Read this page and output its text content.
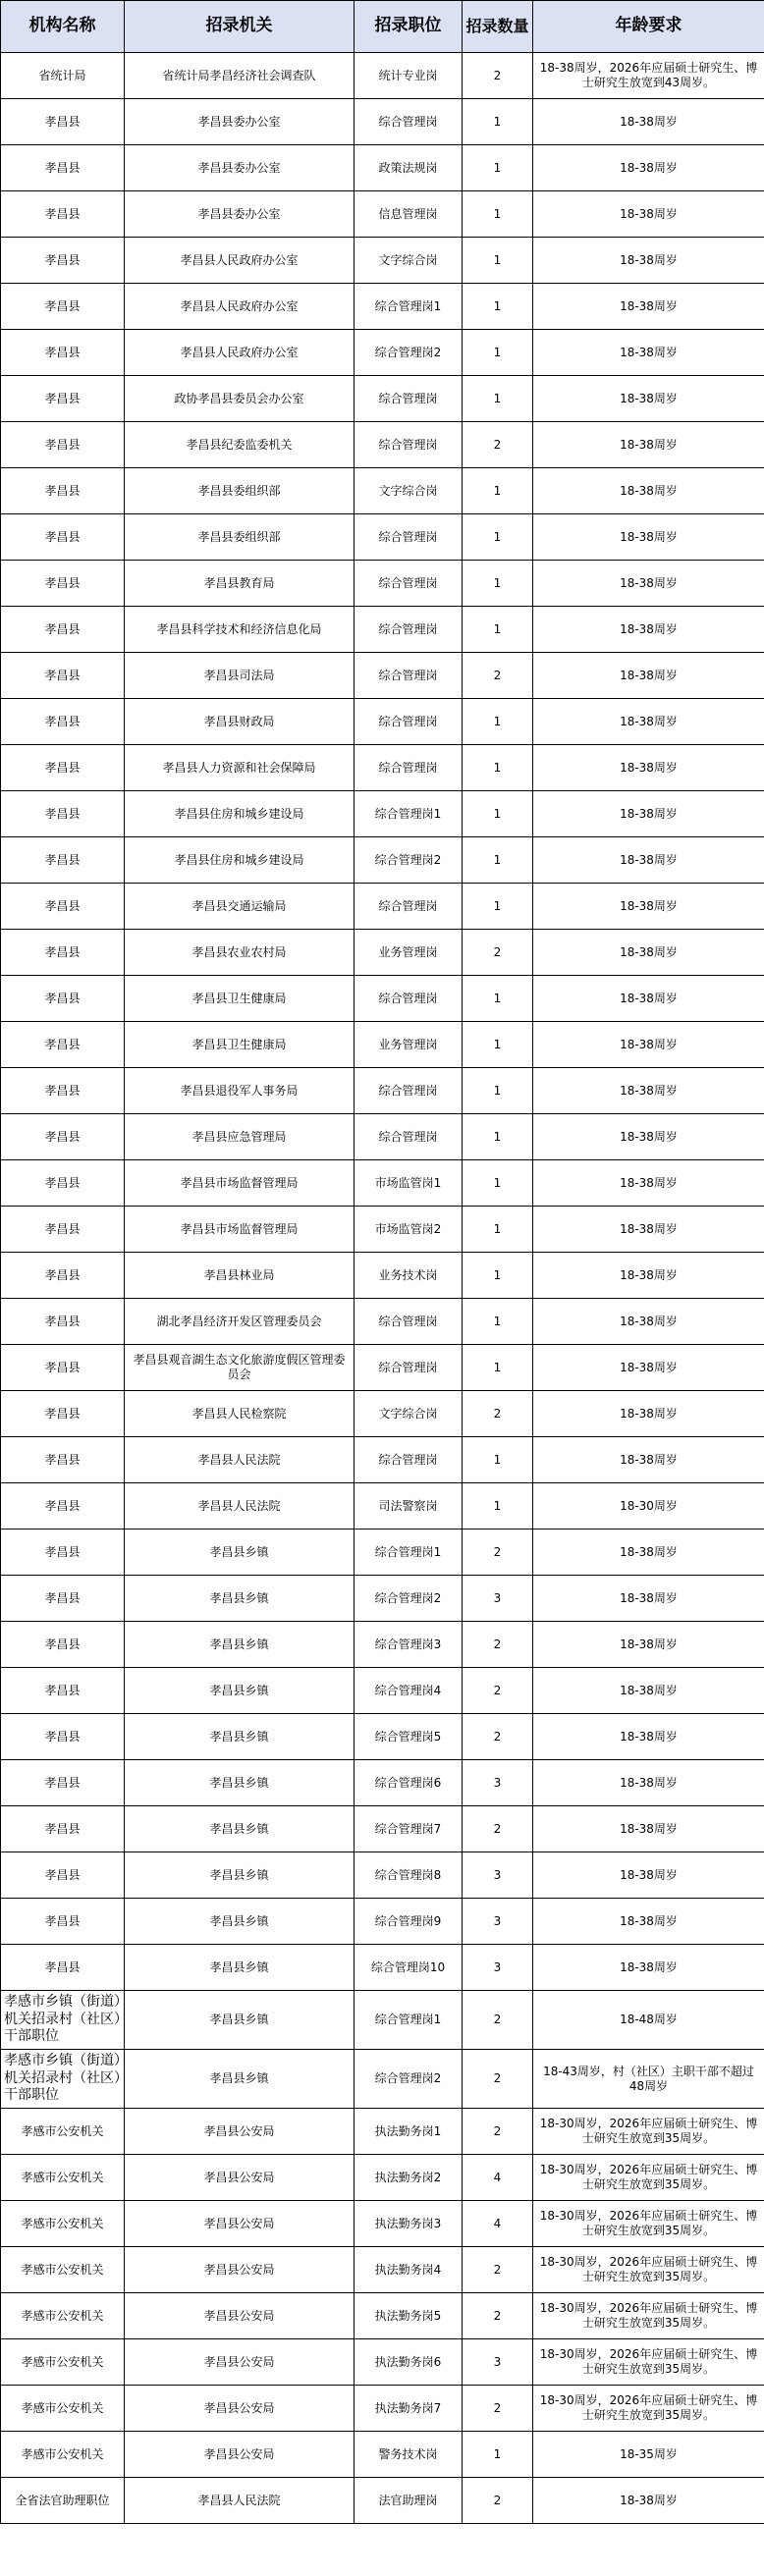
机构名称	招录机关	招录职位	招录数量	年龄要求
省统计局	省统计局孝昌经济社会调查队	统计专业岗	2	18-38周岁，2026年应届硕士研究生、博士研究生放宽到43周岁。
孝昌县	孝昌县委办公室	综合管理岗	1	18-38周岁
孝昌县	孝昌县委办公室	政策法规岗	1	18-38周岁
孝昌县	孝昌县委办公室	信息管理岗	1	18-38周岁
孝昌县	孝昌县人民政府办公室	文字综合岗	1	18-38周岁
孝昌县	孝昌县人民政府办公室	综合管理岗1	1	18-38周岁
孝昌县	孝昌县人民政府办公室	综合管理岗2	1	18-38周岁
孝昌县	政协孝昌县委员会办公室	综合管理岗	1	18-38周岁
孝昌县	孝昌县纪委监委机关	综合管理岗	2	18-38周岁
孝昌县	孝昌县委组织部	文字综合岗	1	18-38周岁
孝昌县	孝昌县委组织部	综合管理岗	1	18-38周岁
孝昌县	孝昌县教育局	综合管理岗	1	18-38周岁
孝昌县	孝昌县科学技术和经济信息化局	综合管理岗	1	18-38周岁
孝昌县	孝昌县司法局	综合管理岗	2	18-38周岁
孝昌县	孝昌县财政局	综合管理岗	1	18-38周岁
孝昌县	孝昌县人力资源和社会保障局	综合管理岗	1	18-38周岁
孝昌县	孝昌县住房和城乡建设局	综合管理岗1	1	18-38周岁
孝昌县	孝昌县住房和城乡建设局	综合管理岗2	1	18-38周岁
孝昌县	孝昌县交通运输局	综合管理岗	1	18-38周岁
孝昌县	孝昌县农业农村局	业务管理岗	2	18-38周岁
孝昌县	孝昌县卫生健康局	综合管理岗	1	18-38周岁
孝昌县	孝昌县卫生健康局	业务管理岗	1	18-38周岁
孝昌县	孝昌县退役军人事务局	综合管理岗	1	18-38周岁
孝昌县	孝昌县应急管理局	综合管理岗	1	18-38周岁
孝昌县	孝昌县市场监督管理局	市场监管岗1	1	18-38周岁
孝昌县	孝昌县市场监督管理局	市场监管岗2	1	18-38周岁
孝昌县	孝昌县林业局	业务技术岗	1	18-38周岁
孝昌县	湖北孝昌经济开发区管理委员会	综合管理岗	1	18-38周岁
孝昌县	孝昌县观音湖生态文化旅游度假区管理委员会	综合管理岗	1	18-38周岁
孝昌县	孝昌县人民检察院	文字综合岗	2	18-38周岁
孝昌县	孝昌县人民法院	综合管理岗	1	18-38周岁
孝昌县	孝昌县人民法院	司法警察岗	1	18-30周岁
孝昌县	孝昌县乡镇	综合管理岗1	2	18-38周岁
孝昌县	孝昌县乡镇	综合管理岗2	3	18-38周岁
孝昌县	孝昌县乡镇	综合管理岗3	2	18-38周岁
孝昌县	孝昌县乡镇	综合管理岗4	2	18-38周岁
孝昌县	孝昌县乡镇	综合管理岗5	2	18-38周岁
孝昌县	孝昌县乡镇	综合管理岗6	3	18-38周岁
孝昌县	孝昌县乡镇	综合管理岗7	2	18-38周岁
孝昌县	孝昌县乡镇	综合管理岗8	3	18-38周岁
孝昌县	孝昌县乡镇	综合管理岗9	3	18-38周岁
孝昌县	孝昌县乡镇	综合管理岗10	3	18-38周岁
孝感市乡镇（街道）机关招录村（社区）干部职位	孝昌县乡镇	综合管理岗1	2	18-48周岁
孝感市乡镇（街道）机关招录村（社区）干部职位	孝昌县乡镇	综合管理岗2	2	18-43周岁，村（社区）主职干部不超过48周岁
孝感市公安机关	孝昌县公安局	执法勤务岗1	2	18-30周岁，2026年应届硕士研究生、博士研究生放宽到35周岁。
孝感市公安机关	孝昌县公安局	执法勤务岗2	4	18-30周岁，2026年应届硕士研究生、博士研究生放宽到35周岁。
孝感市公安机关	孝昌县公安局	执法勤务岗3	4	18-30周岁，2026年应届硕士研究生、博士研究生放宽到35周岁。
孝感市公安机关	孝昌县公安局	执法勤务岗4	2	18-30周岁，2026年应届硕士研究生、博士研究生放宽到35周岁。
孝感市公安机关	孝昌县公安局	执法勤务岗5	2	18-30周岁，2026年应届硕士研究生、博士研究生放宽到35周岁。
孝感市公安机关	孝昌县公安局	执法勤务岗6	3	18-30周岁，2026年应届硕士研究生、博士研究生放宽到35周岁。
孝感市公安机关	孝昌县公安局	执法勤务岗7	2	18-30周岁，2026年应届硕士研究生、博士研究生放宽到35周岁。
孝感市公安机关	孝昌县公安局	警务技术岗	1	18-35周岁
全省法官助理职位	孝昌县人民法院	法官助理岗	2	18-38周岁
